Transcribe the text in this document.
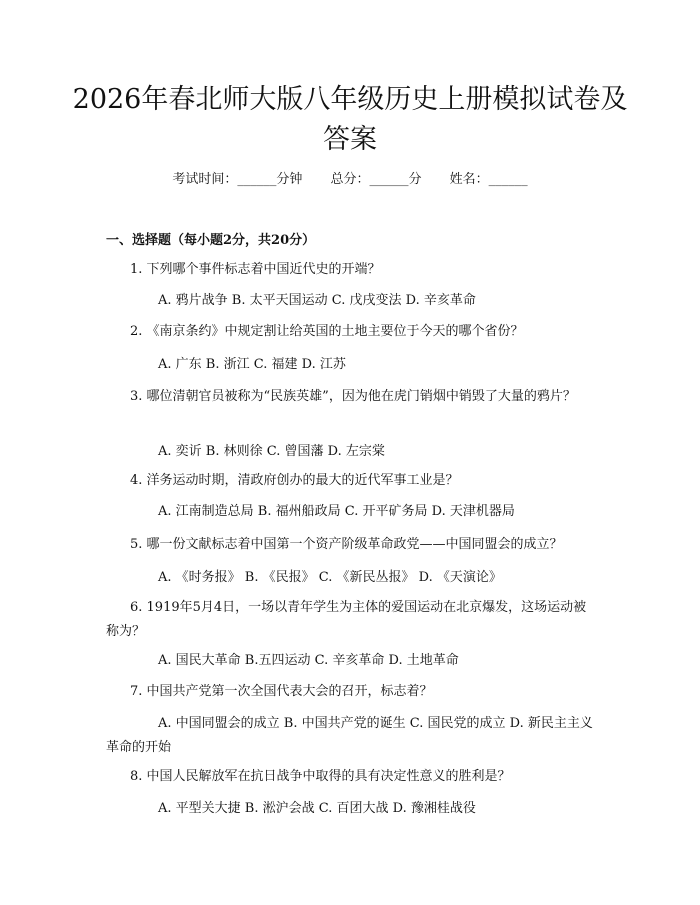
2026年春北师大版八年级历史上册模拟试卷及答案
考试时间：______分钟 总分：______分 姓名：______
一、选择题（每小题2分，共20分）
1. 下列哪个事件标志着中国近代史的开端？
A. 鸦片战争 B. 太平天国运动 C. 戊戌变法 D. 辛亥革命
2. 《南京条约》中规定割让给英国的土地主要位于今天的哪个省份？
A. 广东 B. 浙江 C. 福建 D. 江苏
3. 哪位清朝官员被称为“民族英雄”，因为他在虎门销烟中销毁了大量的鸦片？
A. 奕䜣 B. 林则徐 C. 曾国藩 D. 左宗棠
4. 洋务运动时期，清政府创办的最大的近代军事工业是？
A. 江南制造总局 B. 福州船政局 C. 开平矿务局 D. 天津机器局
5. 哪一份文献标志着中国第一个资产阶级革命政党——中国同盟会的成立？
A. 《时务报》 B. 《民报》 C. 《新民丛报》 D. 《天演论》
6. 1919年5月4日，一场以青年学生为主体的爱国运动在北京爆发，这场运动被称为？
A. 国民大革命 B.五四运动 C. 辛亥革命 D. 土地革命
7. 中国共产党第一次全国代表大会的召开，标志着？
A. 中国同盟会的成立 B. 中国共产党的诞生 C. 国民党的成立 D. 新民主主义革命的开始
8. 中国人民解放军在抗日战争中取得的具有决定性意义的胜利是？
A. 平型关大捷 B. 淞沪会战 C. 百团大战 D. 豫湘桂战役
